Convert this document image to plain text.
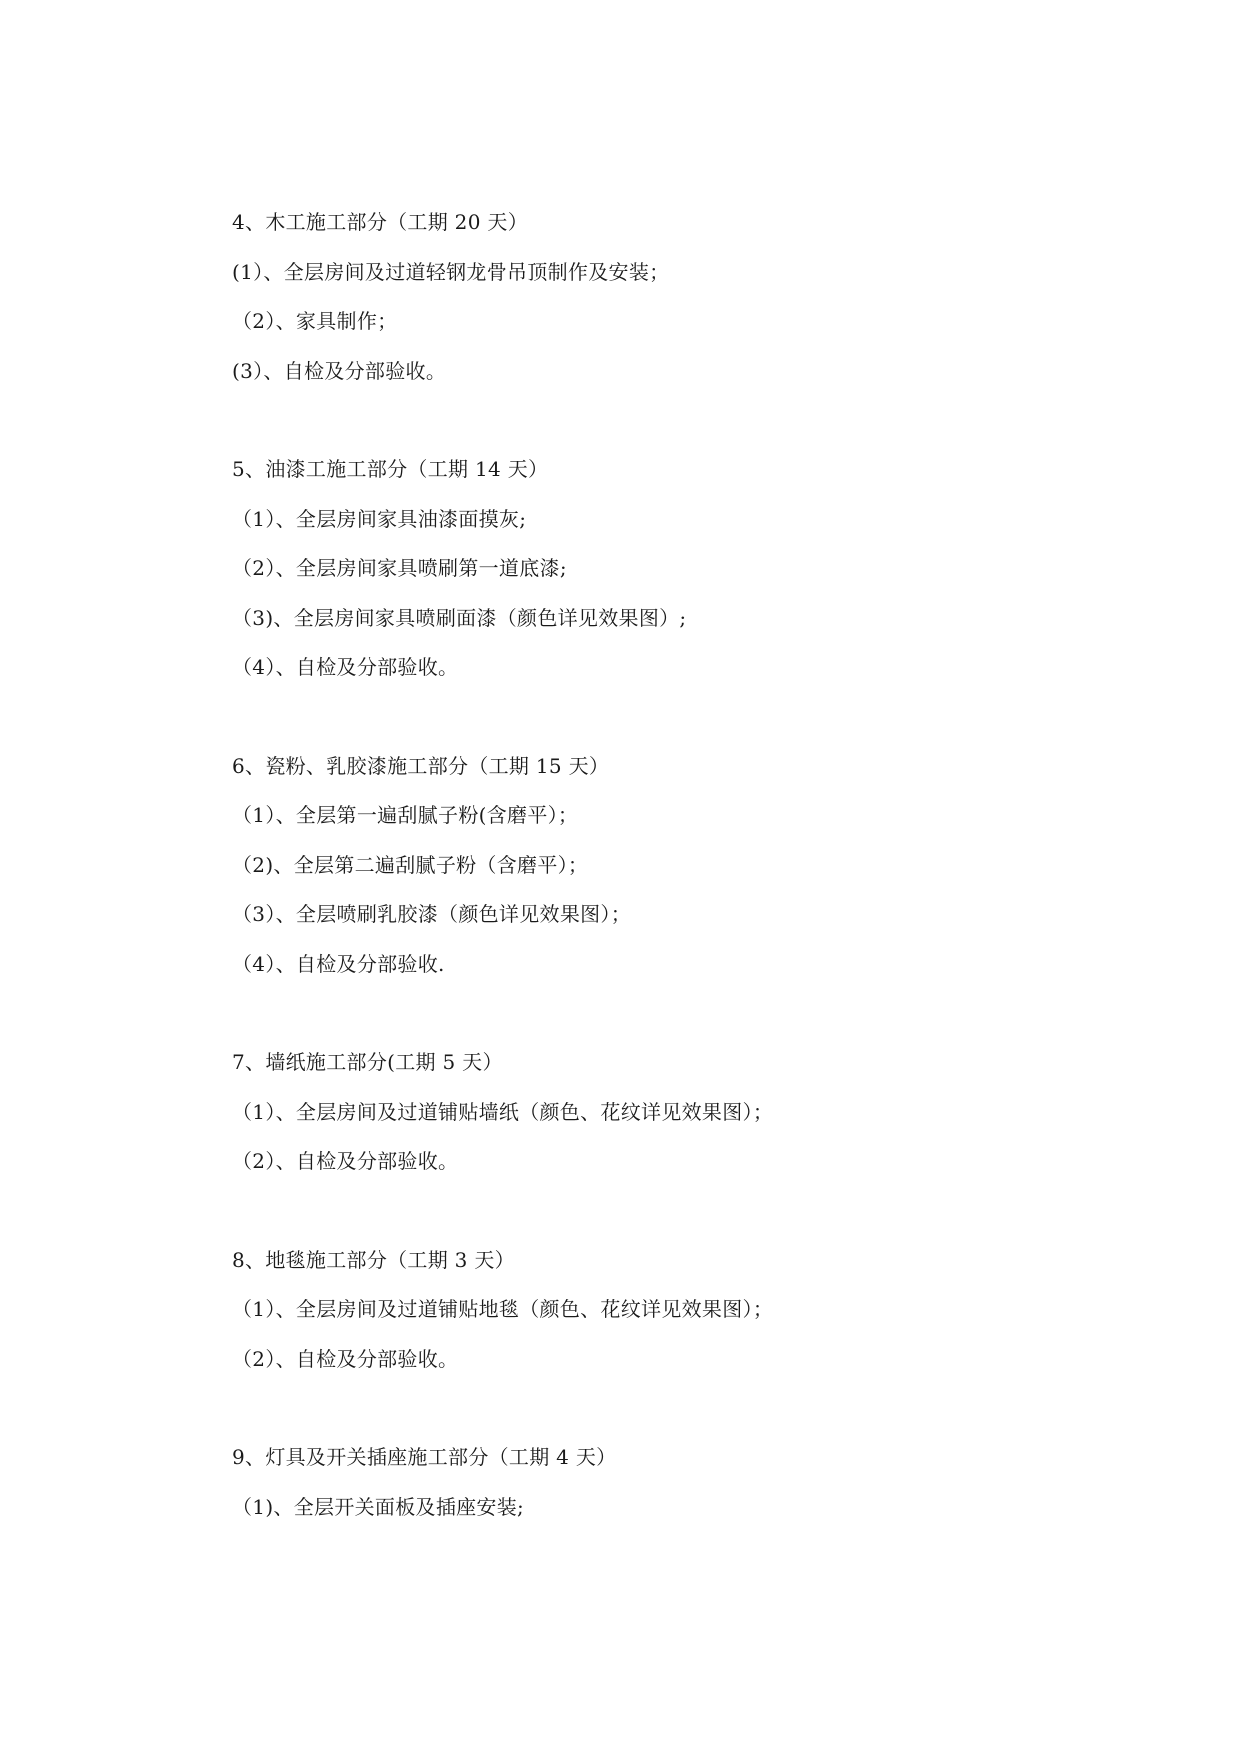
4、木工施工部分（工期 20 天）
(1）、全层房间及过道轻钢龙骨吊顶制作及安装；
（2）、家具制作；
(3）、自检及分部验收。
5、油漆工施工部分（工期 14 天）
（1）、全层房间家具油漆面摸灰;
（2）、全层房间家具喷刷第一道底漆;
（3)、全层房间家具喷刷面漆（颜色详见效果图）;
（4）、自检及分部验收。
6、瓷粉、乳胶漆施工部分（工期 15 天）
（1）、全层第一遍刮腻子粉(含磨平）；
（2)、全层第二遍刮腻子粉（含磨平）；
（3）、全层喷刷乳胶漆（颜色详见效果图）；
（4）、自检及分部验收.
7、墙纸施工部分(工期 5 天）
（1）、全层房间及过道铺贴墙纸（颜色、花纹详见效果图）；
（2）、自检及分部验收。
8、地毯施工部分（工期 3 天）
（1）、全层房间及过道铺贴地毯（颜色、花纹详见效果图）；
（2）、自检及分部验收。
9、灯具及开关插座施工部分（工期 4 天）
（1)、全层开关面板及插座安装;
